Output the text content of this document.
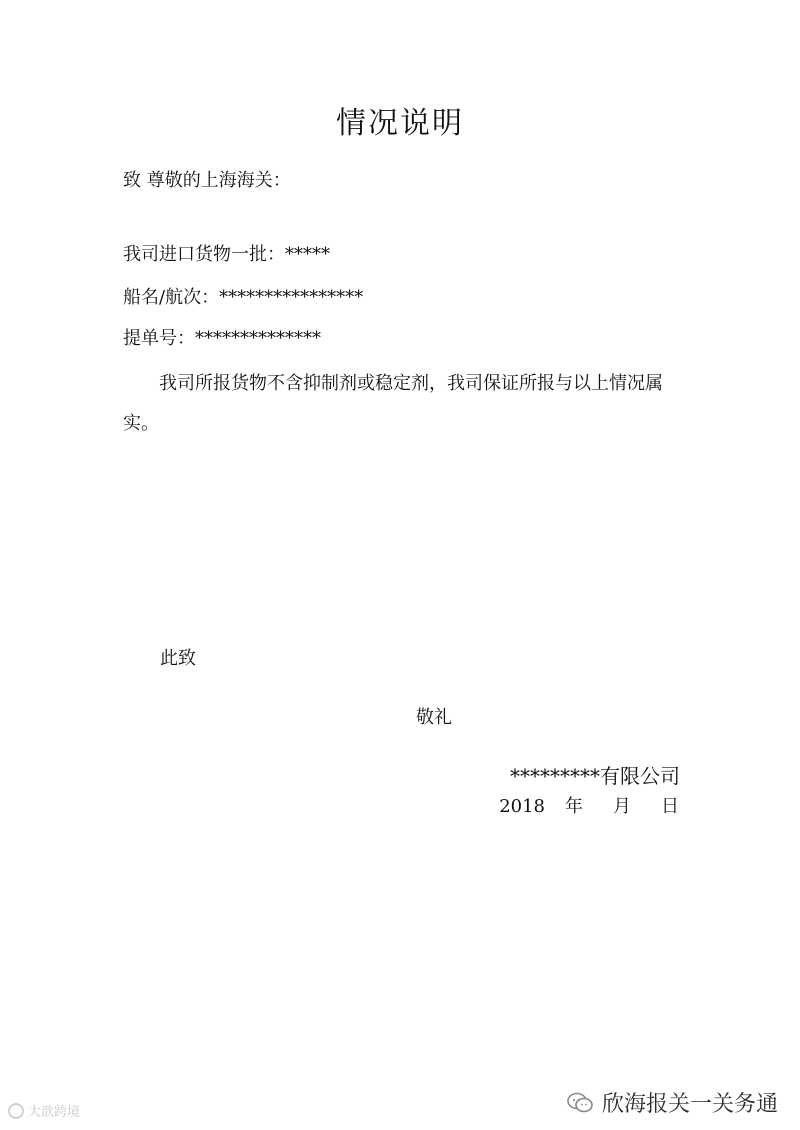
情况说明
致 尊敬的上海海关：
我司进口货物一批：*****
船名/航次：****************
提单号：**************
我司所报货物不含抑制剂或稳定剂，我司保证所报与以上情况属实。
此致
敬礼
*********有限公司
2018 年 月 日
大歆跨境	欣海报关一关务通
